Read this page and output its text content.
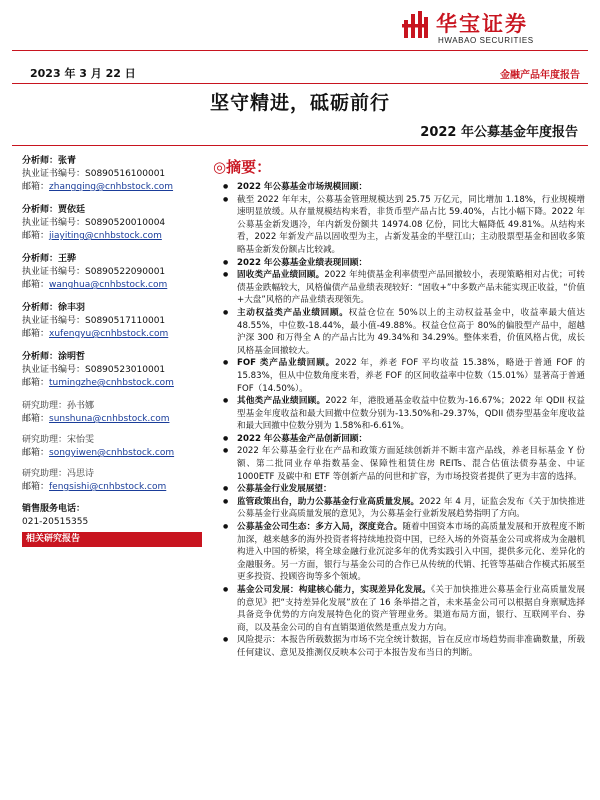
华宝证券
HWABAO SECURITIES
2023 年 3 月 22 日	金融产品年度报告
坚守精进，砥砺前行
2022 年公募基金年度报告
分析师：张青
执业证书编号：S0890516100001
邮箱：zhangqing@cnhbstock.com
分析师：贾依廷
执业证书编号：S0890520010004
邮箱：jiayiting@cnhbstock.com
分析师：王骅
执业证书编号：S0890522090001
邮箱：wanghua@cnhbstock.com
分析师：徐丰羽
执业证书编号：S0890517110001
邮箱：xufengyu@cnhbstock.com
分析师：涂明哲
执业证书编号：S0890523010001
邮箱：tumingzhe@cnhbstock.com
研究助理：孙书娜
邮箱：sunshuna@cnhbstock.com
研究助理：宋怡雯
邮箱：songyiwen@cnhbstock.com
研究助理：冯思诗
邮箱：fengsishi@cnhbstock.com
销售服务电话：
021-20515355
相关研究报告
◎摘要：
● 2022 年公募基金市场规模回顾：
● 截至 2022 年年末，公募基金管理规模达到 25.75 万亿元，同比增加 1.18%，行业规模增速明显放缓。从存量规模结构来看，非货币型产品占比 59.40%，占比小幅下降。2022 年公募基金新发遇冷，年内新发份额共 14974.08 亿份，同比大幅降低 49.81%。从结构来看，2022 年新发产品以固收型为主，占新发基金的半壁江山；主动股票型基金和固收多策略基金新发份额占比较减。
● 2022 年公募基金业绩表现回顾：
● 固收类产品业绩回顾。2022 年纯债基金利率债型产品回撤较小，表现策略相对占优；可转债基金跌幅较大，风格偏债产品业绩表现较好：“固收+”中多数产品未能实现正收益，“价值+大盘”风格的产品业绩表现领先。
● 主动权益类产品业绩回顾。权益仓位在 50%以上的主动权益基金中，收益率最大值达 48.55%，中位数-18.44%，最小值-49.88%。权益仓位高于 80%的偏股型产品中，超越沪深 300 和万得全 A 的产品占比为 49.34%和 34.29%。整体来看，价值风格占优，成长风格基金回撤较大。
● FOF 类产品业绩回顾。2022 年，养老 FOF 平均收益 15.38%，略逊于普通 FOF 的 15.83%，但从中位数角度来看，养老 FOF 的区间收益率中位数（15.01%）显著高于普通 FOF（14.50%）。
● 其他类产品业绩回顾。2022 年，港股通基金收益中位数为-16.67%；2022 年 QDII 权益型基金年度收益和最大回撤中位数分别为-13.50%和-29.37%，QDII 债券型基金年度收益和最大回撤中位数分别为 1.58%和-6.61%。
● 2022 年公募基金产品创新回顾：
● 2022 年公募基金行业在产品和政策方面延续创新并不断丰富产品线，养老目标基金 Y 份额、第二批同业存单指数基金、保障性租赁住房 REITs、混合估值法债券基金、中证 1000ETF 及碳中和 ETF 等创新产品的问世和扩容，为市场投资者提供了更为丰富的选择。
● 公募基金行业发展展望：
● 监管政策出台，助力公募基金行业高质量发展。2022 年 4 月，证监会发布《关于加快推进公募基金行业高质量发展的意见》，为公募基金行业新发展趋势指明了方向。
● 公募基金公司生态：多方入局，深度竞合。随着中国资本市场的高质量发展和开放程度不断加深，越来越多的海外投资者将持续地投资中国，已经入场的外资基金公司或将成为金融机构进入中国的桥梁，将全球金融行业沉淀多年的优秀实践引入中国，提供多元化、差异化的金融服务。另一方面，银行与基金公司的合作已从传统的代销、托管等基础合作模式拓展至更多投资、投顾咨询等多个领域。
● 基金公司发展：构建核心能力，实现差异化发展。《关于加快推进公募基金行业高质量发展的意见》把“支持差异化发展”放在了 16 条举措之首，未来基金公司可以根据自身禀赋选择具备竞争优势的方向发展特色化的资产管理业务。渠道布局方面，银行、互联网平台、券商，以及基金公司的自有直销渠道依然是重点发力方向。
● 风险提示：本报告所载数据为市场不完全统计数据，旨在反应市场趋势而非准确数量，所载任何建议、意见及推测仅反映本公司于本报告发布当日的判断。
